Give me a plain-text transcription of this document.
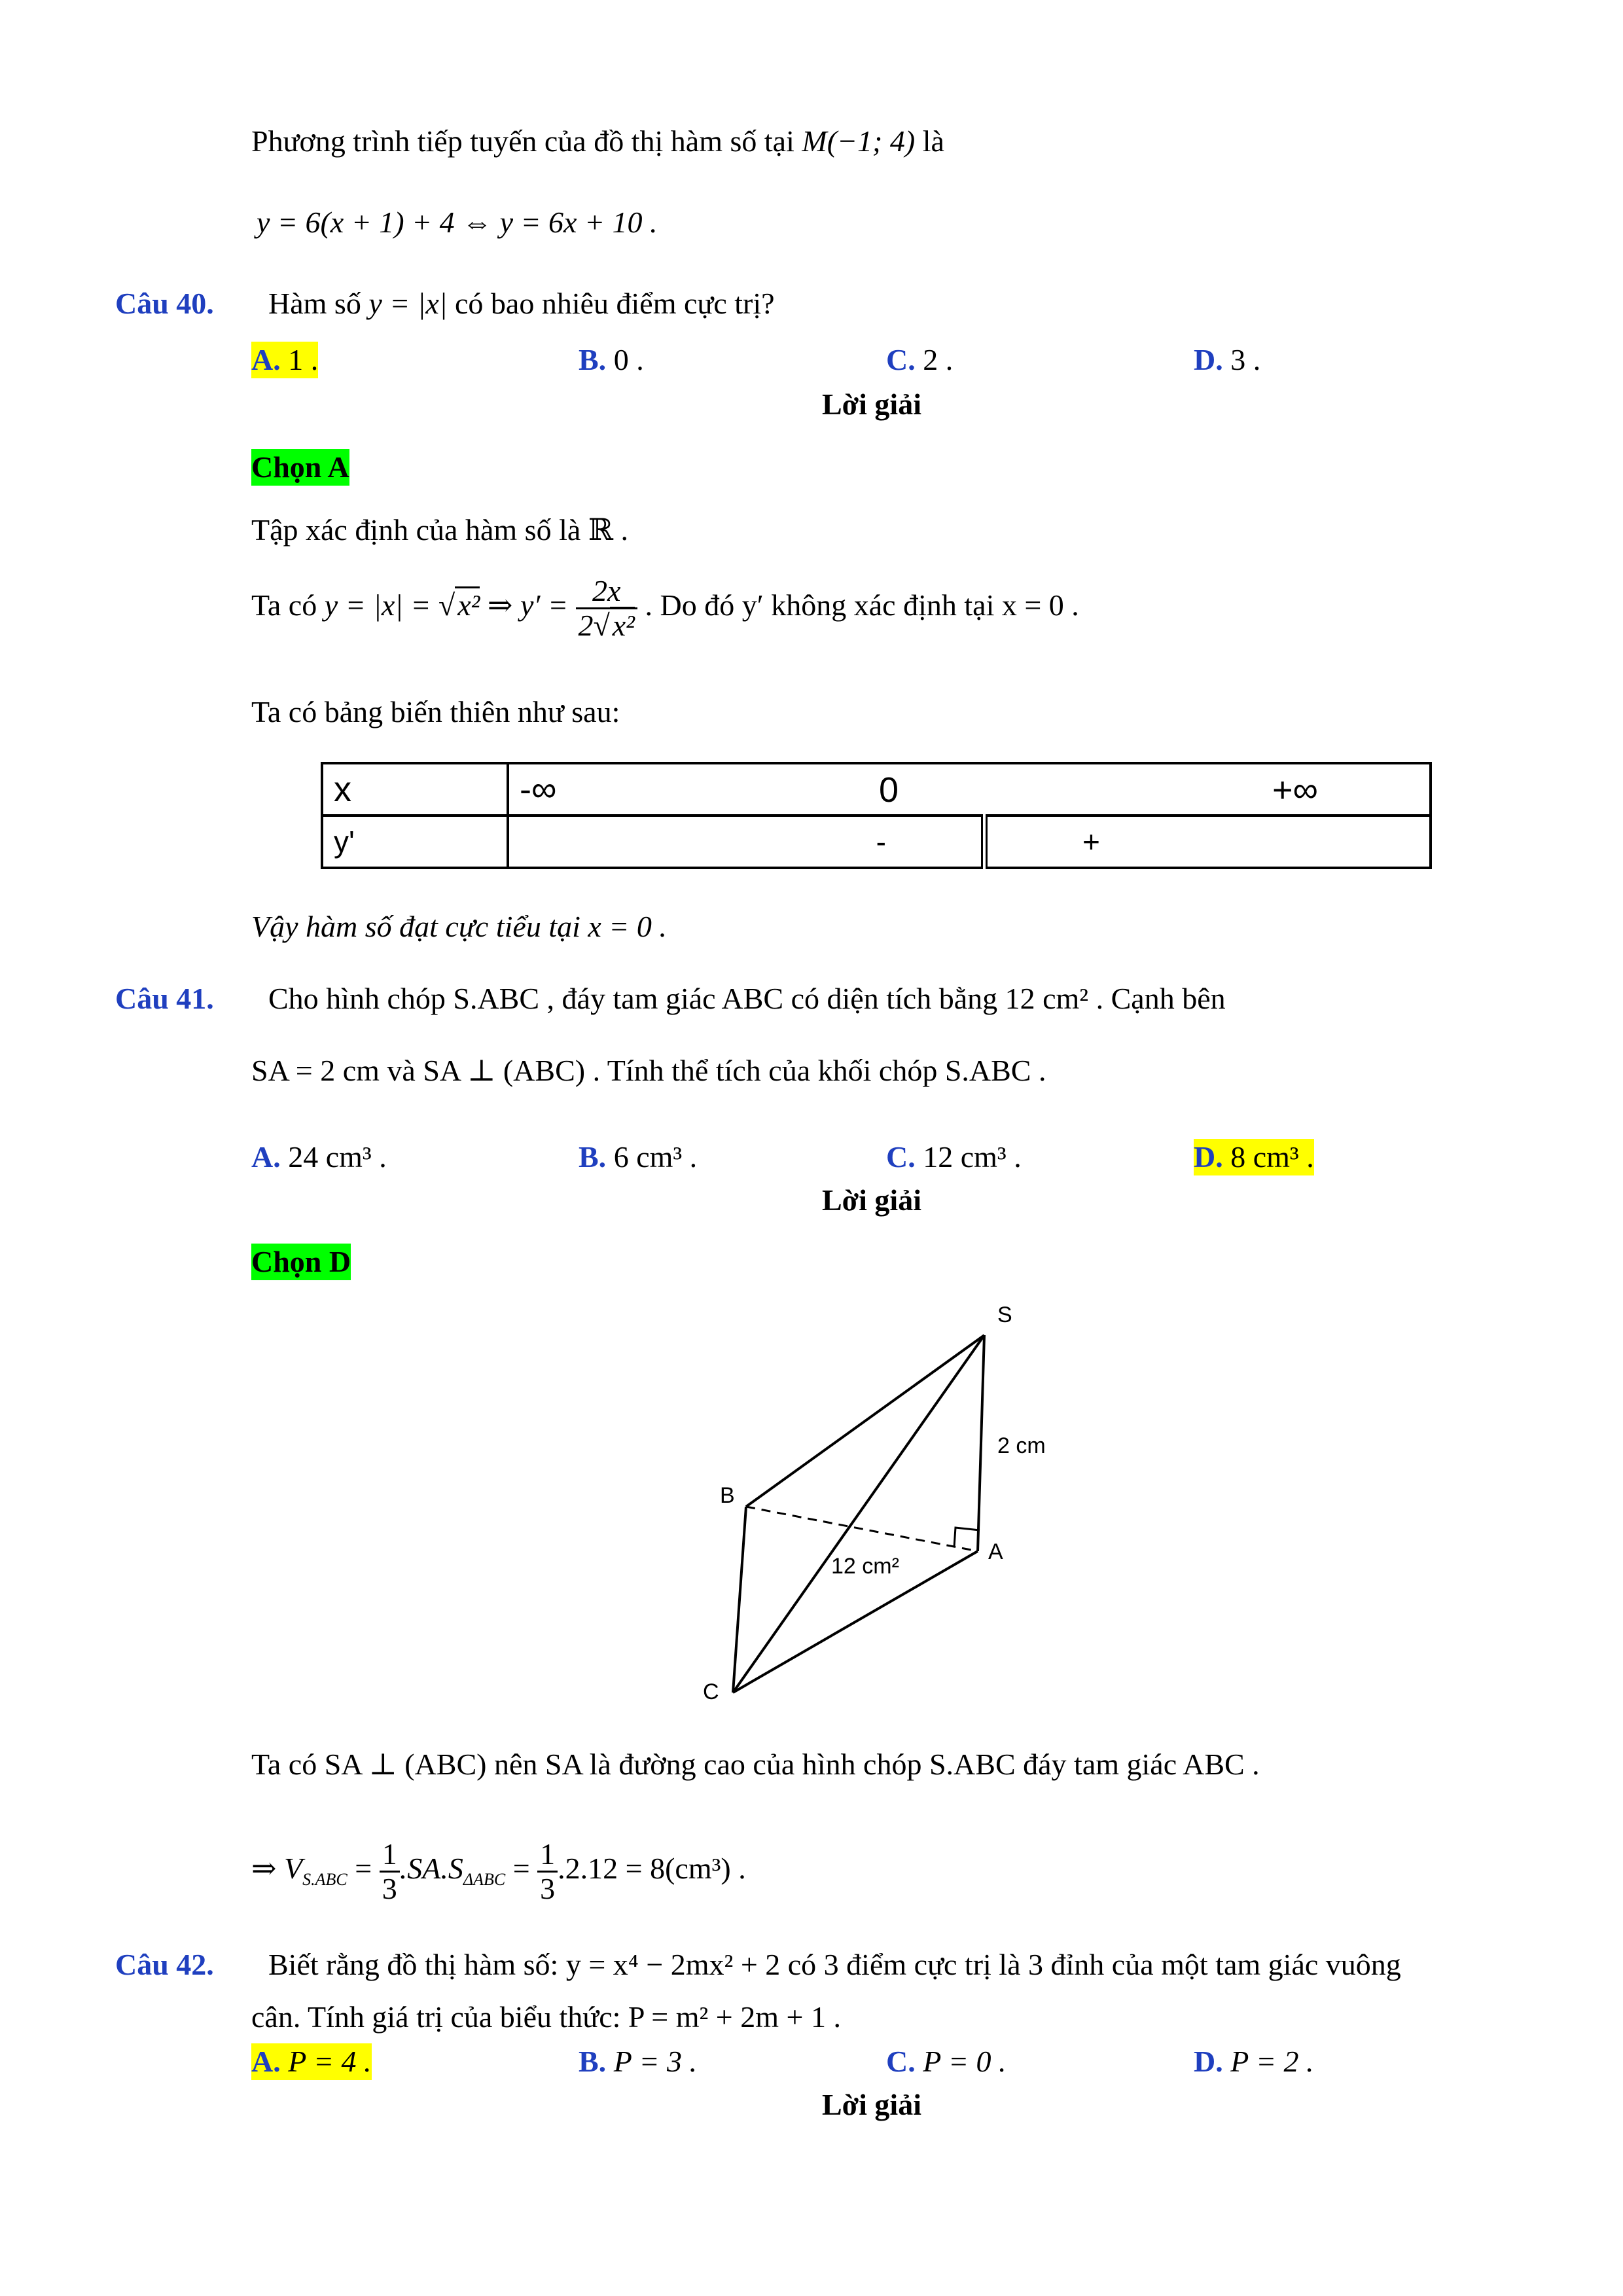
Phương trình tiếp tuyến của đồ thị hàm số tại M(−1; 4) là
y = 6(x + 1) + 4 ⇔ y = 6x + 10 .
Câu 40. Hàm số y = |x| có bao nhiêu điểm cực trị?
A. 1 .	B. 0 .	C. 2 .	D. 3 .
Lời giải
Chọn A
Tập xác định của hàm số là ℝ .
Ta có y = |x| = √x² ⇒ $y' = \frac{2x}{\text{2√x²}}$ . Do đó y′ không xác định tại x = 0 .
Ta có bảng biến thiên như sau:
x	-∞ 0 +∞	

y'	-	+
Vậy hàm số đạt cực tiểu tại x = 0 .
Câu 41. Cho hình chóp S.ABC , đáy tam giác ABC có diện tích bằng 12 cm² . Cạnh bên
SA = 2 cm và SA ⊥ (ABC) . Tính thể tích của khối chóp S.ABC .
A. 24 cm³ .	B. 6 cm³ .	C. 12 cm³ .	D. 8 cm³ .
Lời giải
Chọn D
S
A
B
C
2 cm
12 cm²
Ta có SA ⊥ (ABC) nên SA là đường cao của hình chóp S.ABC đáy tam giác ABC .
⇒ $V_{S.ABC} = \frac{1}{3} .SA.S_{\Delta ABC} = \frac{1}{3} .2.12 = 8(cm^3)$ .
Câu 42. Biết rằng đồ thị hàm số: y = x⁴ − 2mx² + 2 có 3 điểm cực trị là 3 đỉnh của một tam giác vuông
cân. Tính giá trị của biểu thức: P = m² + 2m + 1 .
A. P = 4 .	B. P = 3 .	C. P = 0 .	D. P = 2 .
Lời giải
